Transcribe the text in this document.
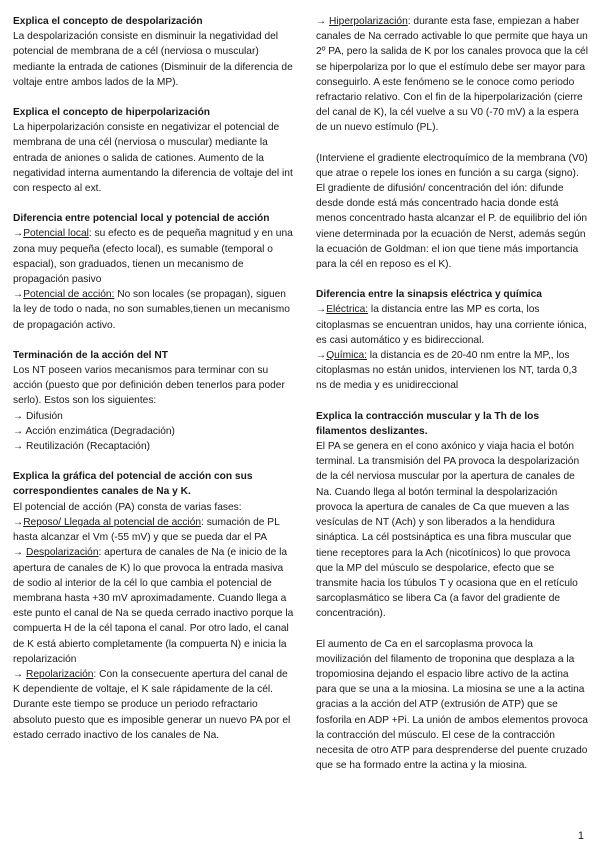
Explica el concepto de despolarización

La despolarización consiste en disminuir la negatividad del potencial de membrana de a cél (nerviosa o muscular) mediante la entrada de cationes (Disminuir de la diferencia de voltaje entre ambos lados de la MP).

Explica el concepto de hiperpolarización

La hiperpolarización consiste en negativizar el potencial de membrana de una cél (nerviosa o muscular) mediante la entrada de aniones o salida de cationes. Aumento de la negatividad interna aumentando la diferencia de voltaje del int con respecto al ext.

Diferencia entre potencial local y potencial de acción

→Potencial local: su efecto es de pequeña magnitud y en una zona muy pequeña (efecto local), es sumable (temporal o espacial), son graduados, tienen un mecanismo de propagación pasivo

→Potencial de acción: No son locales (se propagan), siguen la ley de todo o nada, no son sumables,tienen un mecanismo de propagación activo.

Terminación de la acción del NT

Los NT poseen varios mecanismos para terminar con su acción (puesto que por definición deben tenerlos para poder serlo). Estos son los siguientes:

→ Difusión

→ Acción enzimática (Degradación)

→ Reutilización (Recaptación)

Explica la gráfica del potencial de acción con sus correspondientes canales de Na y K.

El potencial de acción (PA) consta de varias fases:

→Reposo/ Llegada al potencial de acción: sumación de PL hasta alcanzar el Vm (-55 mV) y que se pueda dar el PA

→ Despolarización: apertura de canales de Na (e inicio de la apertura de canales de K) lo que provoca la entrada masiva de sodio al interior de la cél lo que cambia el potencial de membrana hasta +30 mV aproximadamente. Cuando llega a este punto el canal de Na se queda cerrado inactivo porque la compuerta H de la cél tapona el canal. Por otro lado, el canal de K está abierto completamente (la compuerta N) e inicia la repolarización

→ Repolarización: Con la consecuente apertura del canal de K dependiente de voltaje, el K sale rápidamente de la cél. Durante este tiempo se produce un periodo refractario absoluto puesto que es imposible generar un nuevo PA por el estado cerrado inactivo de los canales de Na.

→ Hiperpolarización: durante esta fase, empiezan a haber canales de Na cerrado activable lo que permite que haya un 2º PA, pero la salida de K por los canales provoca que la cél se hiperpolariza por lo que el estímulo debe ser mayor para conseguirlo. A este fenómeno se le conoce como periodo refractario relativo. Con el fin de la hiperpolarización (cierre del canal de K), la cél vuelve a su V0 (-70 mV) a la espera de un nuevo estímulo (PL).

(Interviene el gradiente electroquímico de la membrana (V0) que atrae o repele los iones en función a su carga (signo). El gradiente de difusión/ concentración del ión: difunde desde donde está más concentrado hacia donde está menos concentrado hasta alcanzar el P. de equilibrio del ión viene determinada por la ecuación de Nerst, además según la ecuación de Goldman: el ion que tiene más importancia para la cél en reposo es el K).

Diferencia entre la sinapsis eléctrica y química

→Eléctrica: la distancia entre las MP es corta, los citoplasmas se encuentran unidos, hay una corriente iónica, es casi automático y es bidireccional.

→Química: la distancia es de 20-40 nm entre la MP,, los citoplasmas no están unidos, intervienen los NT, tarda 0,3 ns de media y es unidireccional

Explica la contracción muscular y la Th de los filamentos deslizantes.

El PA se genera en el cono axónico y viaja hacia el botón terminal. La transmisión del PA provoca la despolarización de la cél nerviosa muscular por la apertura de canales de Na. Cuando llega al botón terminal la despolarización provoca la apertura de canales de Ca que mueven a las vesículas de NT (Ach) y son liberados a la hendidura sináptica. La cél postsináptica es una fibra muscular que tiene receptores para la Ach (nicotínicos) lo que provoca que la MP del músculo se despolarice, efecto que se transmite hacia los túbulos T y ocasiona que en el retículo sarcoplasmático se libera Ca (a favor del gradiente de concentración).

El aumento de Ca en el sarcoplasma provoca la movilización del filamento de troponina que desplaza a la tropomiosina dejando el espacio libre activo de la actina para que se una a la miosina. La miosina se une a la actina gracias a la acción del ATP (extrusión de ATP) que se fosforila en ADP +Pi. La unión de ambos elementos provoca la contracción del músculo. El cese de la contracción necesita de otro ATP para desprenderse del puente cruzado que se ha formado entre la actina y la miosina.

1
